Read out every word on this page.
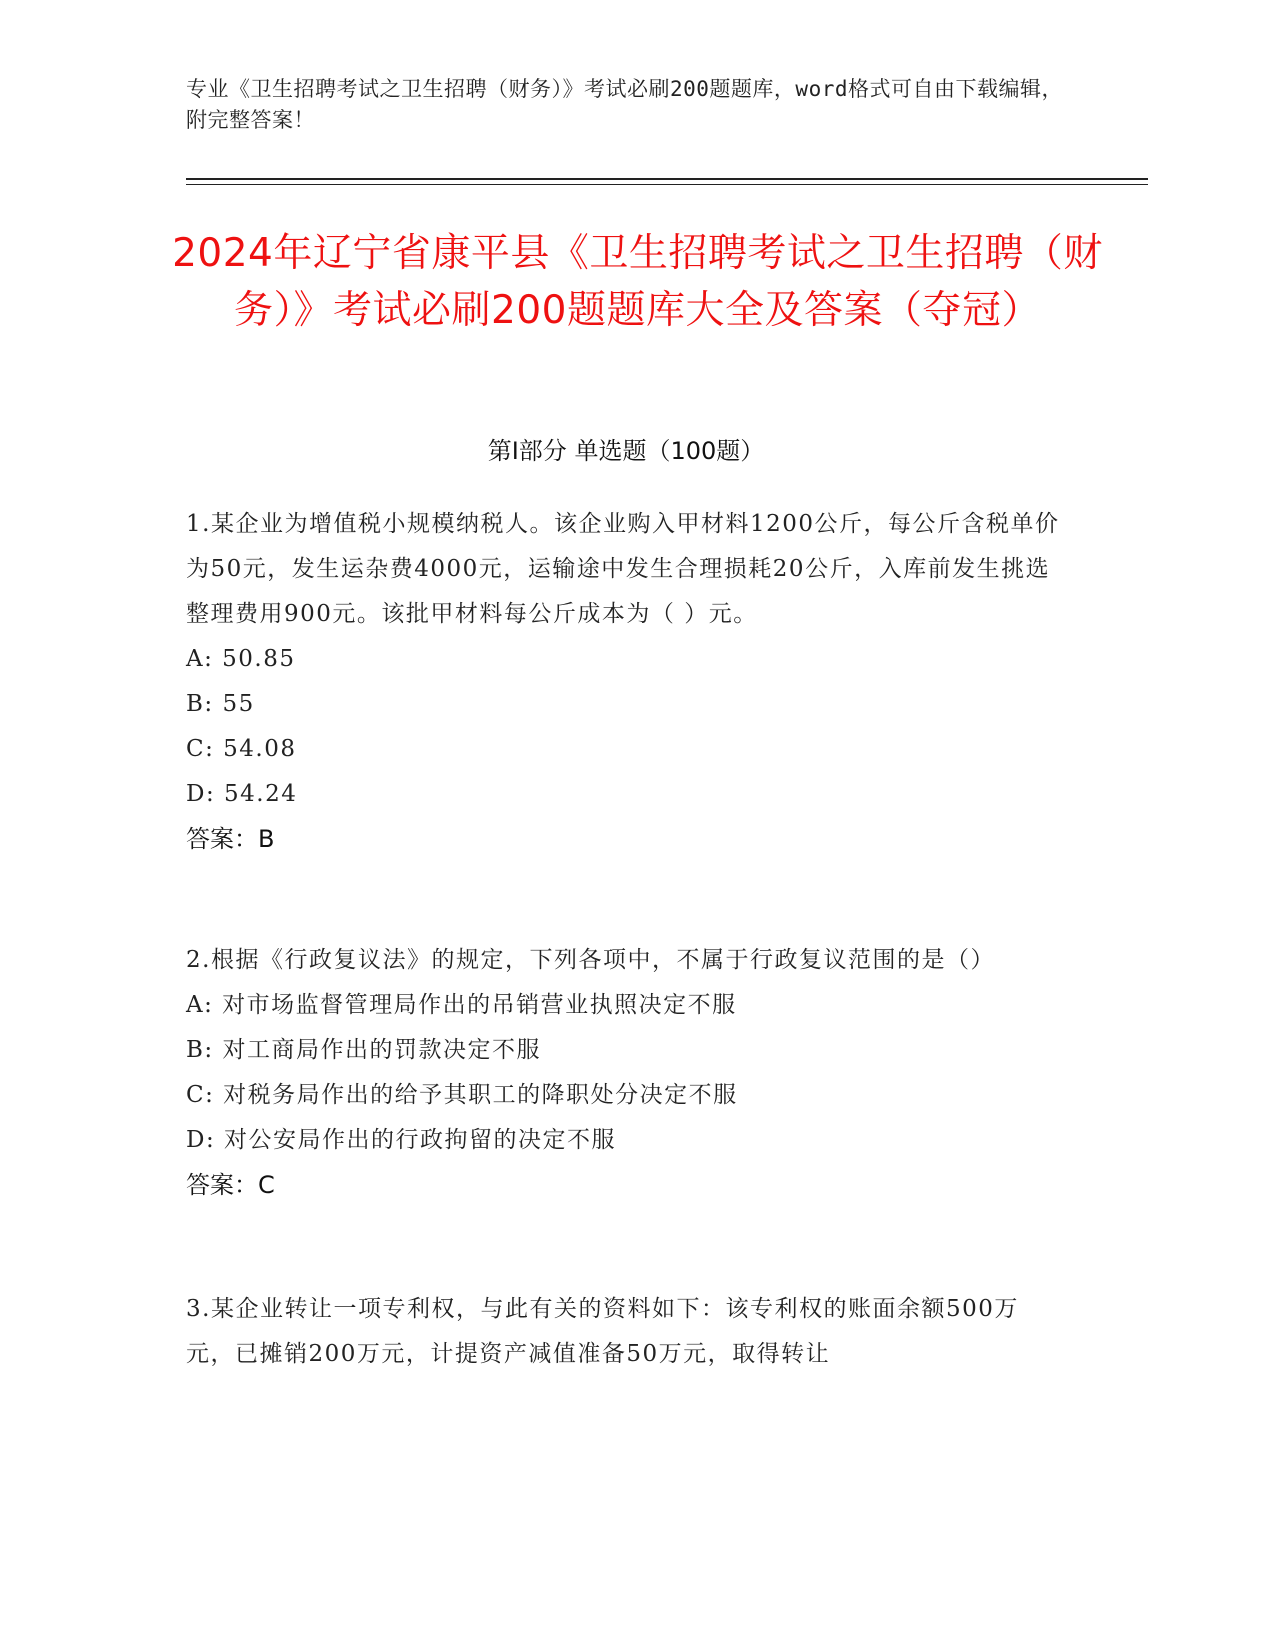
专业《卫生招聘考试之卫生招聘（财务）》考试必刷200题题库，word格式可自由下载编辑，附完整答案！
2024年辽宁省康平县《卫生招聘考试之卫生招聘（财务）》考试必刷200题题库大全及答案（夺冠）
第I部分 单选题（100题）
1.某企业为增值税小规模纳税人。该企业购入甲材料1200公斤，每公斤含税单价为50元，发生运杂费4000元，运输途中发生合理损耗20公斤，入库前发生挑选整理费用900元。该批甲材料每公斤成本为（ ）元。
A: 50.85
B: 55
C: 54.08
D: 54.24
答案：B
2.根据《行政复议法》的规定，下列各项中，不属于行政复议范围的是（）
A: 对市场监督管理局作出的吊销营业执照决定不服
B: 对工商局作出的罚款决定不服
C: 对税务局作出的给予其职工的降职处分决定不服
D: 对公安局作出的行政拘留的决定不服
答案：C
3.某企业转让一项专利权，与此有关的资料如下：该专利权的账面余额500万元，已摊销200万元，计提资产减值准备50万元，取得转让
